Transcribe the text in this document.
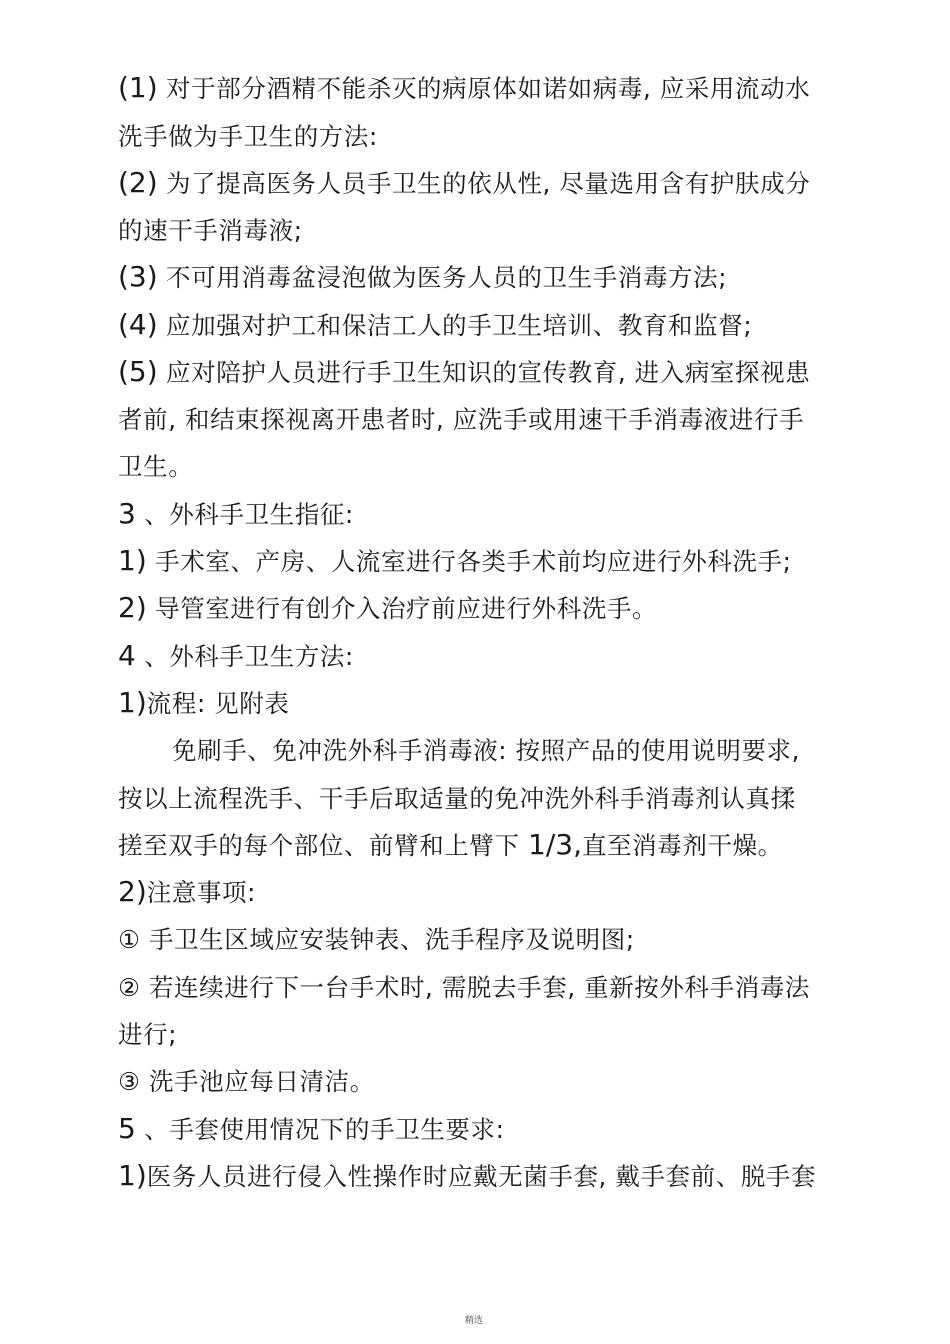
(1) 对于部分酒精不能杀灭的病原体如诺如病毒, 应采用流动水
洗手做为手卫生的方法:
(2) 为了提高医务人员手卫生的依从性, 尽量选用含有护肤成分
的速干手消毒液;
(3) 不可用消毒盆浸泡做为医务人员的卫生手消毒方法;
(4) 应加强对护工和保洁工人的手卫生培训、教育和监督;
(5) 应对陪护人员进行手卫生知识的宣传教育, 进入病室探视患
者前, 和结束探视离开患者时, 应洗手或用速干手消毒液进行手
卫生。
3 、外科手卫生指征:
1) 手术室、产房、人流室进行各类手术前均应进行外科洗手;
2) 导管室进行有创介入治疗前应进行外科洗手。
4 、外科手卫生方法:
1)流程: 见附表
免刷手、免冲洗外科手消毒液: 按照产品的使用说明要求,
按以上流程洗手、干手后取适量的免冲洗外科手消毒剂认真揉
搓至双手的每个部位、前臂和上臂下 1/3,直至消毒剂干燥。
2)注意事项:
① 手卫生区域应安装钟表、洗手程序及说明图;
② 若连续进行下一台手术时, 需脱去手套, 重新按外科手消毒法
进行;
③ 洗手池应每日清洁。
5 、手套使用情况下的手卫生要求:
1)医务人员进行侵入性操作时应戴无菌手套, 戴手套前、脱手套
精选
